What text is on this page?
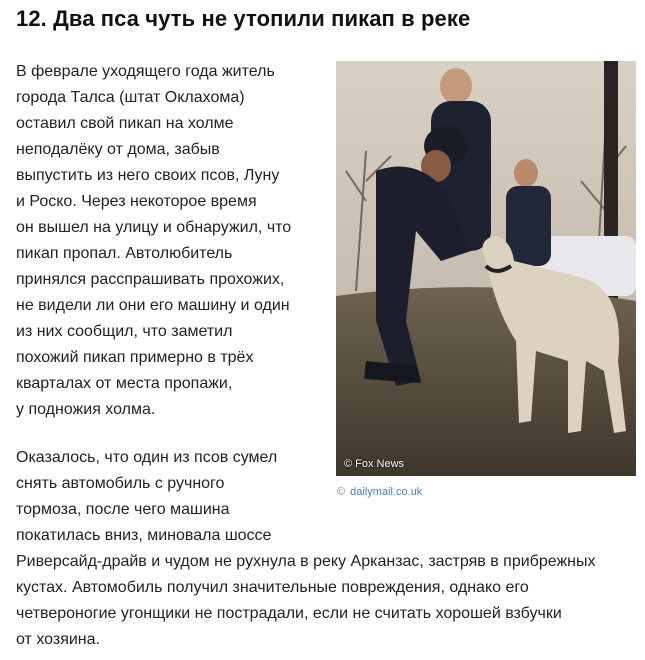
12. Два пса чуть не утопили пикап в реке

В феврале уходящего года житель

города Талса (штат Оклахома)

оставил свой пикап на холме

неподалёку от дома, забыв

выпустить из него своих псов, Луну

и Роско. Через некоторое время

он вышел на улицу и обнаружил, что

пикап пропал. Автолюбитель

принялся расспрашивать прохожих,

не видели ли они его машину и один

из них сообщил, что заметил

похожий пикап примерно в трёх

кварталах от места пропажи,

у подножия холма.

Оказалось, что один из псов сумел

снять автомобиль с ручного

тормоза, после чего машина

покатилась вниз, миновала шоссе

Риверсайд-драйв и чудом не рухнула в реку Арканзас, застряв в прибрежных

кустах. Автомобиль получил значительные повреждения, однако его

четвероногие угонщики не пострадали, если не считать хорошей взбучки

от хозяина.

© Fox News
© dailymail.co.uk
